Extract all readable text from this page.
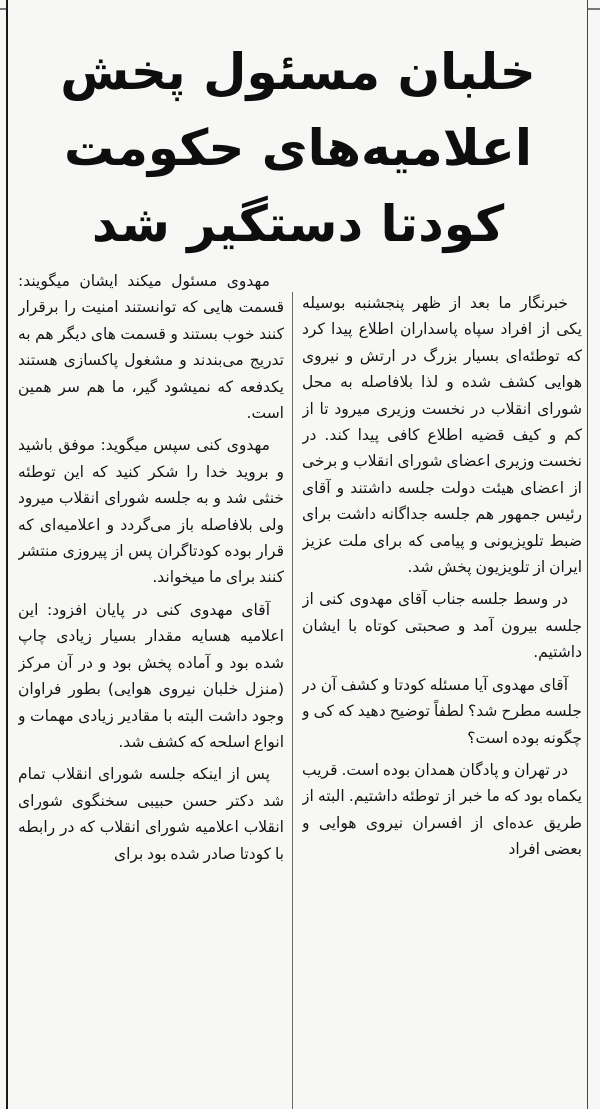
خلبان مسئول پخش
اعلامیه‌های حکومت
کودتا دستگیر شد

خبرنگار ما بعد از ظهر پنجشنبه بوسیله یکی از افراد سپاه پاسداران اطلاع پیدا کرد که توطئه‌ای بسیار بزرگ در ارتش و نیروی هوایی کشف شده و لذا بلافاصله به محل شورای انقلاب در نخست وزیری میرود تا از کم و کیف قضیه اطلاع کافی پیدا کند. در نخست وزیری اعضای شورای انقلاب و برخی از اعضای هیئت دولت جلسه داشتند و آقای رئیس جمهور هم جلسه جداگانه داشت برای ضبط تلویزیونی و پیامی که برای ملت عزیز ایران از تلویزیون پخش شد.

در وسط جلسه جناب آقای مهدوی کنی از جلسه بیرون آمد و صحبتی کوتاه با ایشان داشتیم.

آقای مهدوی آیا مسئله کودتا و کشف آن در جلسه مطرح شد؟ لطفاً توضیح دهید که کی و چگونه بوده است؟

در تهران و پادگان همدان بوده است. قریب یکماه بود که ما خبر از توطئه داشتیم. البته از طریق عده‌ای از افسران نیروی هوایی و بعضی افراد

مهدوی مسئول میکند ایشان میگویند: قسمت هایی که توانستند امنیت را برقرار کنند خوب بستند و قسمت های دیگر هم به تدریج می‌بندند و مشغول پاکسازی هستند یکدفعه که نمیشود گیر، ما هم سر همین است.

مهدوی کنی سپس میگوید: موفق باشید و بروید خدا را شکر کنید که این توطئه خنثی شد و به جلسه شورای انقلاب میرود ولی بلافاصله باز می‌گردد و اعلامیه‌ای که قرار بوده کودتاگران پس از پیروزی منتشر کنند برای ما میخواند.

آقای مهدوی کنی در پایان افزود: این اعلامیه هسایه مقدار بسیار زیادی چاپ شده بود و آماده پخش بود و در آن مرکز (منزل خلبان نیروی هوایی) بطور فراوان وجود داشت البته با مقادیر زیادی مهمات و انواع اسلحه که کشف شد.

پس از اینکه جلسه شورای انقلاب تمام شد دکتر حسن حبیبی سخنگوی شورای انقلاب اعلامیه شورای انقلاب که در رابطه با کودتا صادر شده بود برای
